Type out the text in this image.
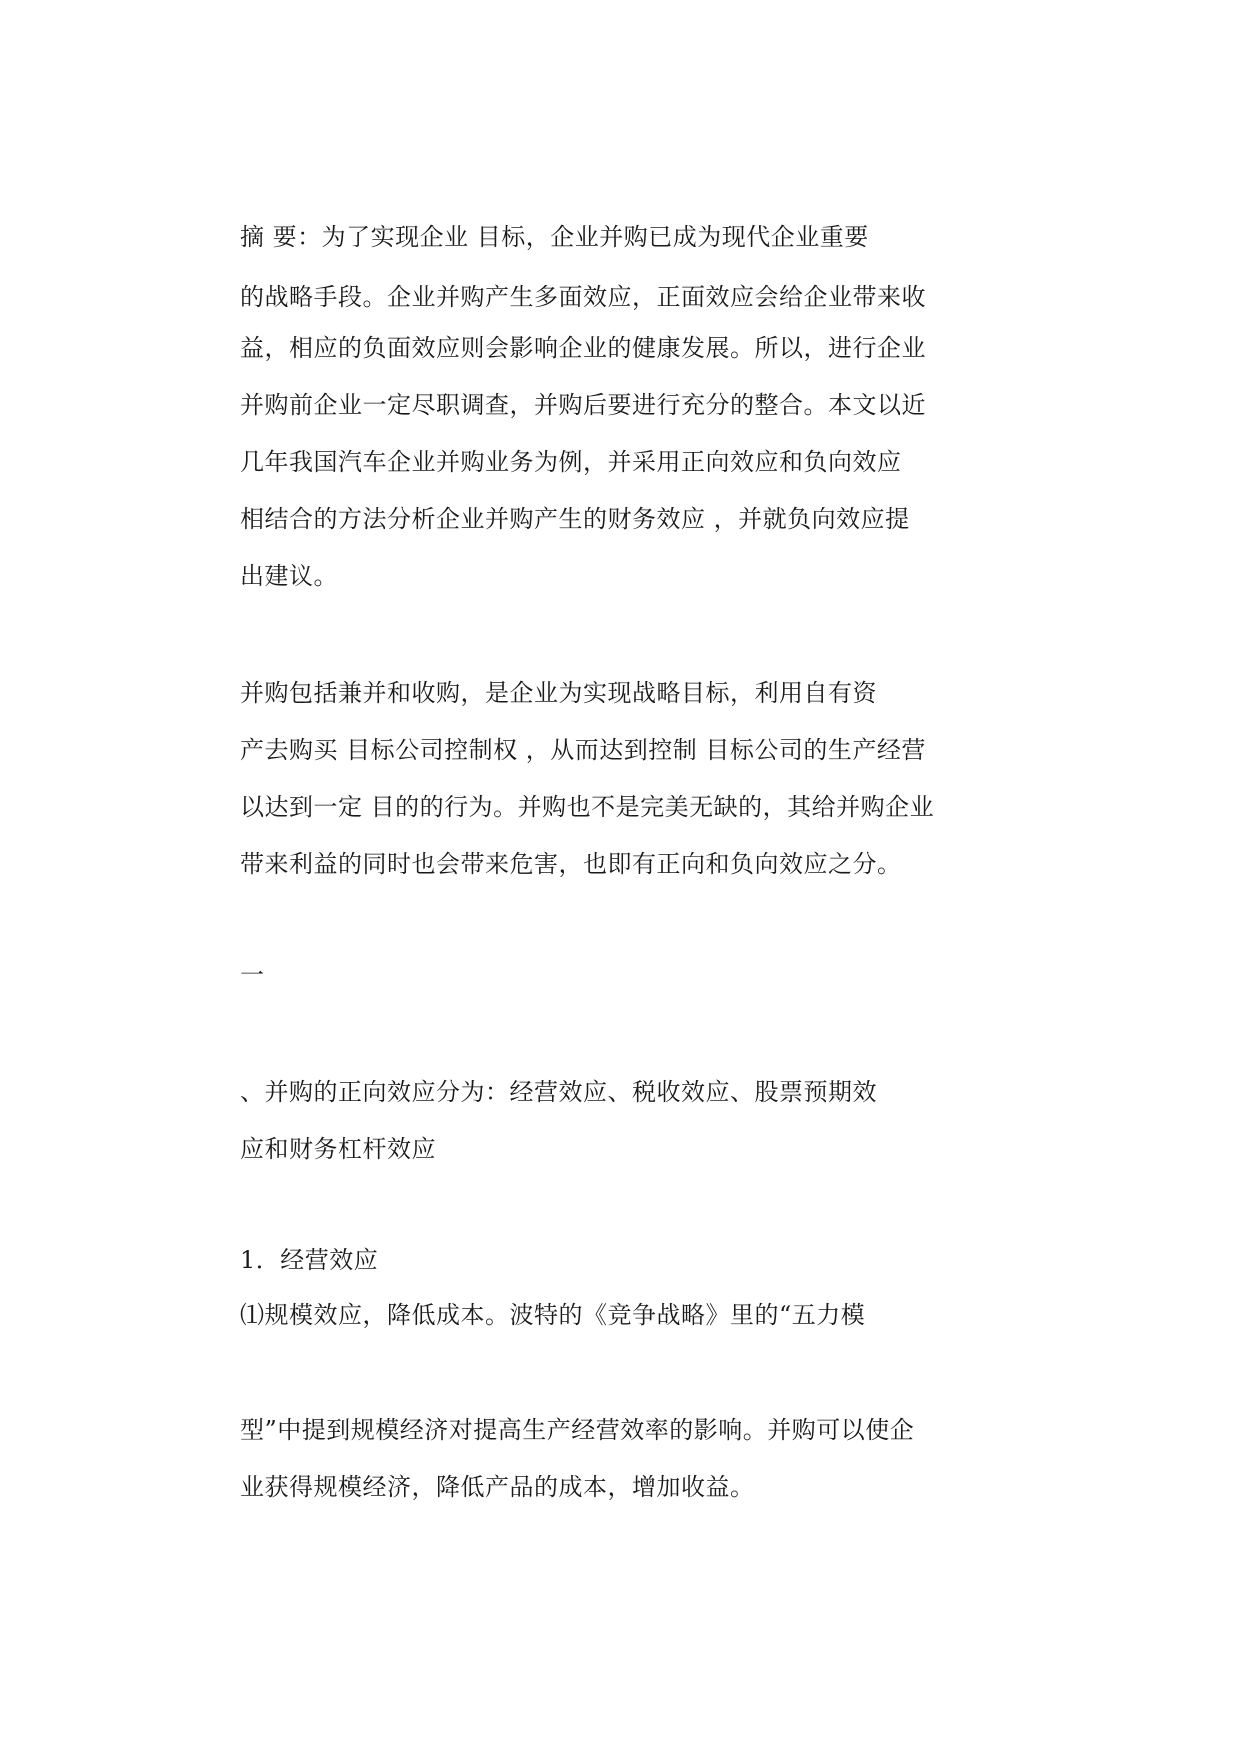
摘 要：为了实现企业 目标，企业并购已成为现代企业重要
的战略手段。企业并购产生多面效应，正面效应会给企业带来收
益，相应的负面效应则会影响企业的健康发展。所以，进行企业
并购前企业一定尽职调查，并购后要进行充分的整合。本文以近
几年我国汽车企业并购业务为例，并采用正向效应和负向效应
相结合的方法分析企业并购产生的财务效应 ，并就负向效应提
出建议。
并购包括兼并和收购，是企业为实现战略目标，利用自有资
产去购买 目标公司控制权 ，从而达到控制 目标公司的生产经营
以达到一定 目的的行为。并购也不是完美无缺的，其给并购企业
带来利益的同时也会带来危害，也即有正向和负向效应之分。
一
、并购的正向效应分为：经营效应、税收效应、股票预期效
应和财务杠杆效应
1．经营效应
⑴规模效应，降低成本。波特的《竞争战略》里的“五力模
型”中提到规模经济对提高生产经营效率的影响。并购可以使企
业获得规模经济，降低产品的成本，增加收益。
